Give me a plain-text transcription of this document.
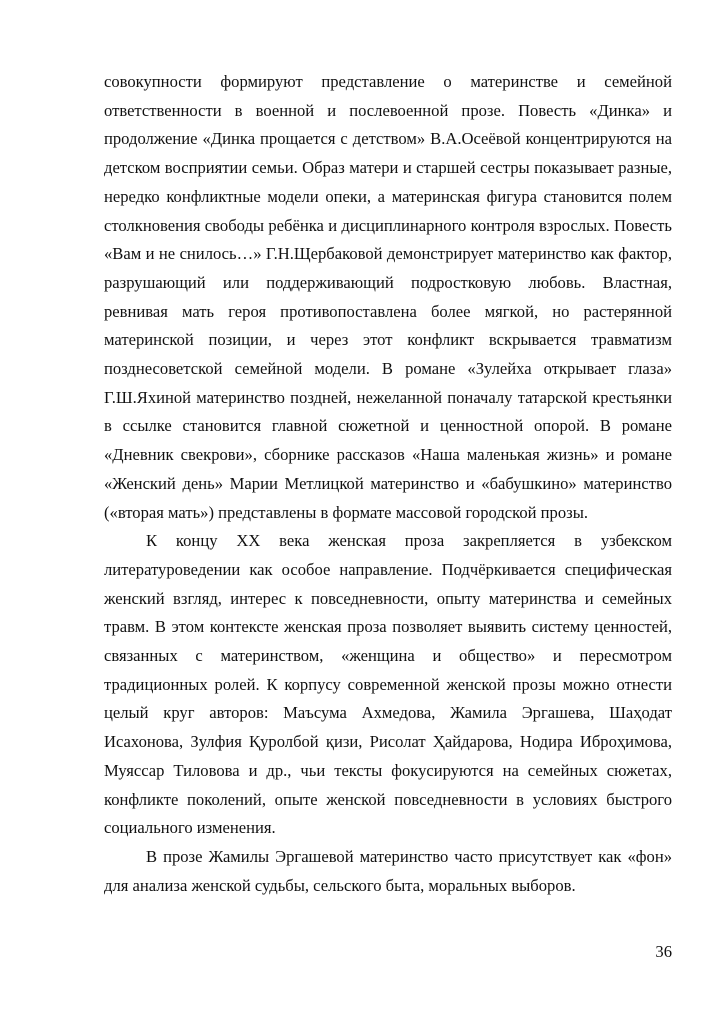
совокупности формируют представление о материнстве и семейной ответственности в военной и послевоенной прозе. Повесть «Динка» и продолжение «Динка прощается с детством» В.А.Осеёвой концентрируются на детском восприятии семьи. Образ матери и старшей сестры показывает разные, нередко конфликтные модели опеки, а материнская фигура становится полем столкновения свободы ребёнка и дисциплинарного контроля взрослых. Повесть «Вам и не снилось…» Г.Н.Щербаковой демонстрирует материнство как фактор, разрушающий или поддерживающий подростковую любовь. Властная, ревнивая мать героя противопоставлена более мягкой, но растерянной материнской позиции, и через этот конфликт вскрывается травматизм позднесоветской семейной модели. В романе «Зулейха открывает глаза» Г.Ш.Яхиной материнство поздней, нежеланной поначалу татарской крестьянки в ссылке становится главной сюжетной и ценностной опорой. В романе «Дневник свекрови», сборнике рассказов «Наша маленькая жизнь» и романе «Женский день» Марии Метлицкой материнство и «бабушкино» материнство («вторая мать») представлены в формате массовой городской прозы.

К концу XX века женская проза закрепляется в узбекском литературоведении как особое направление. Подчёркивается специфическая женский взгляд, интерес к повседневности, опыту материнства и семейных травм. В этом контексте женская проза позволяет выявить систему ценностей, связанных с материнством, «женщина и общество» и пересмотром традиционных ролей. К корпусу современной женской прозы можно отнести целый круг авторов: Маъсума Ахмедова, Жамила Эргашева, Шаҳодат Исахонова, Зулфия Қуролбой қизи, Рисолат Ҳайдарова, Нодира Иброҳимова, Муяссар Тиловова и др., чьи тексты фокусируются на семейных сюжетах, конфликте поколений, опыте женской повседневности в условиях быстрого социального изменения.

В прозе Жамилы Эргашевой материнство часто присутствует как «фон» для анализа женской судьбы, сельского быта, моральных выборов.

36
